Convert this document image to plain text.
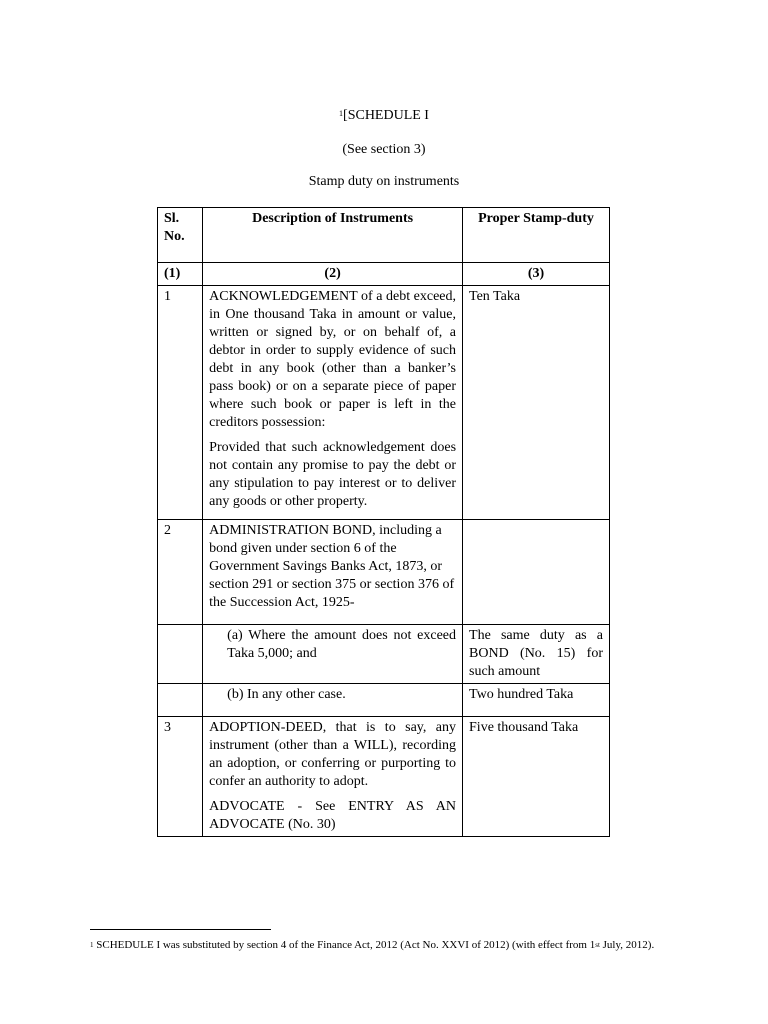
$^1$[SCHEDULE I
(See section 3)
Stamp duty on instruments
Sl. No.	Description of Instruments	Proper Stamp-duty
(1)	(2)	(3)
1	ACKNOWLEDGEMENT of a debt exceed, in One thousand Taka in amount or value, written or signed by, or on behalf of, a debtor in order to supply evidence of such debt in any book (other than a banker’s pass book) or on a separate piece of paper where such book or paper is left in the creditors possession:

Provided that such acknowledgement does not contain any promise to pay the debt or any stipulation to pay interest or to deliver any goods or other property.	Ten Taka
2	ADMINISTRATION BOND, including a bond given under section 6 of the Government Savings Banks Act, 1873, or section 291 or section 375 or section 376 of the Succession Act, 1925-	
	(a) Where the amount does not exceed Taka 5,000; and	The same duty as a BOND (No. 15) for such amount
	(b) In any other case.	Two hundred Taka
3	ADOPTION-DEED, that is to say, any instrument (other than a WILL), recording an adoption, or conferring or purporting to confer an authority to adopt.

ADVOCATE - See ENTRY AS AN ADVOCATE (No. 30)	Five thousand Taka
$^1$ SCHEDULE I was substituted by section 4 of the Finance Act, 2012 (Act No. XXVI of 2012) (with effect from 1st July, 2012).
